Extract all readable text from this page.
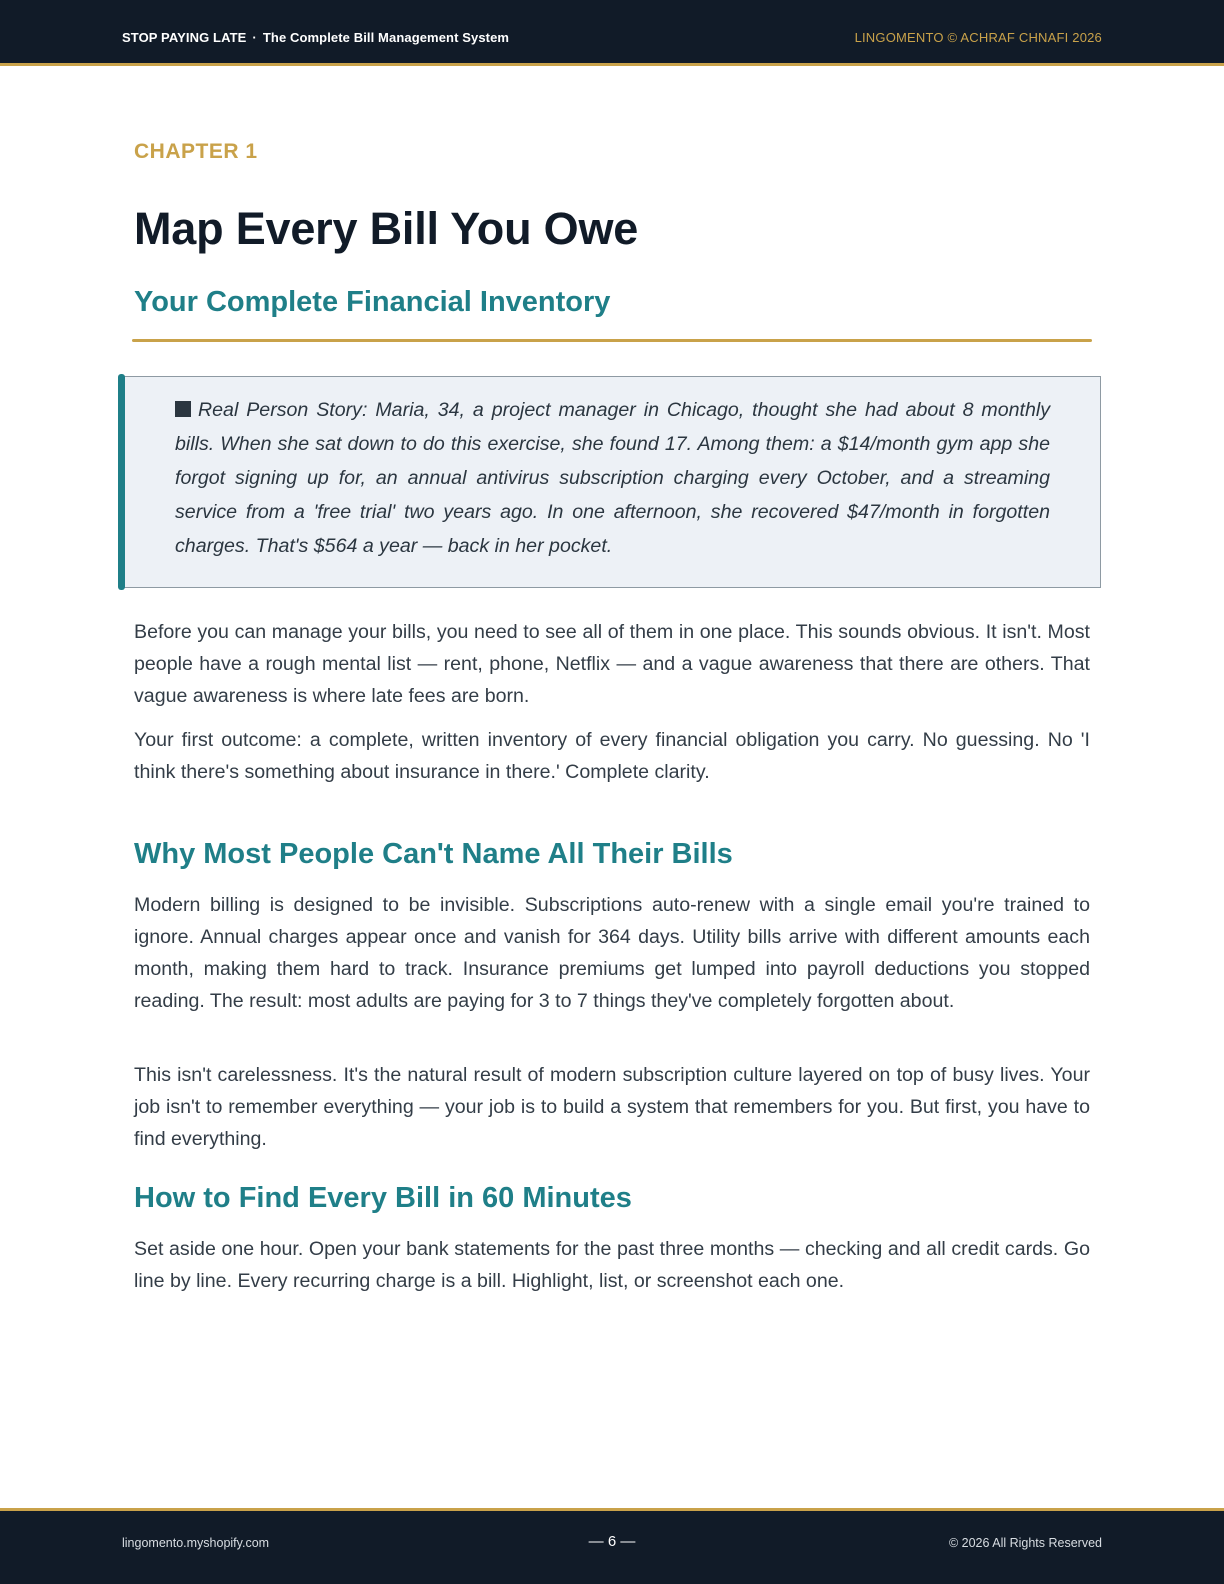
STOP PAYING LATE · The Complete Bill Management System	LINGOMENTO © ACHRAF CHNAFI 2026
CHAPTER 1
Map Every Bill You Owe
Your Complete Financial Inventory

Real Person Story: Maria, 34, a project manager in Chicago, thought she had about 8 monthly bills. When she sat down to do this exercise, she found 17. Among them: a $14/month gym app she forgot signing up for, an annual antivirus subscription charging every October, and a streaming service from a 'free trial' two years ago. In one afternoon, she recovered $47/month in forgotten charges. That's $564 a year — back in her pocket.

Before you can manage your bills, you need to see all of them in one place. This sounds obvious. It isn't. Most people have a rough mental list — rent, phone, Netflix — and a vague awareness that there are others. That vague awareness is where late fees are born.

Your first outcome: a complete, written inventory of every financial obligation you carry. No guessing. No 'I think there's something about insurance in there.' Complete clarity.

Why Most People Can't Name All Their Bills

Modern billing is designed to be invisible. Subscriptions auto-renew with a single email you're trained to ignore. Annual charges appear once and vanish for 364 days. Utility bills arrive with different amounts each month, making them hard to track. Insurance premiums get lumped into payroll deductions you stopped reading. The result: most adults are paying for 3 to 7 things they've completely forgotten about.

This isn't carelessness. It's the natural result of modern subscription culture layered on top of busy lives. Your job isn't to remember everything — your job is to build a system that remembers for you. But first, you have to find everything.

How to Find Every Bill in 60 Minutes

Set aside one hour. Open your bank statements for the past three months — checking and all credit cards. Go line by line. Every recurring charge is a bill. Highlight, list, or screenshot each one.

lingomento.myshopify.com	— 6 —	© 2026 All Rights Reserved
